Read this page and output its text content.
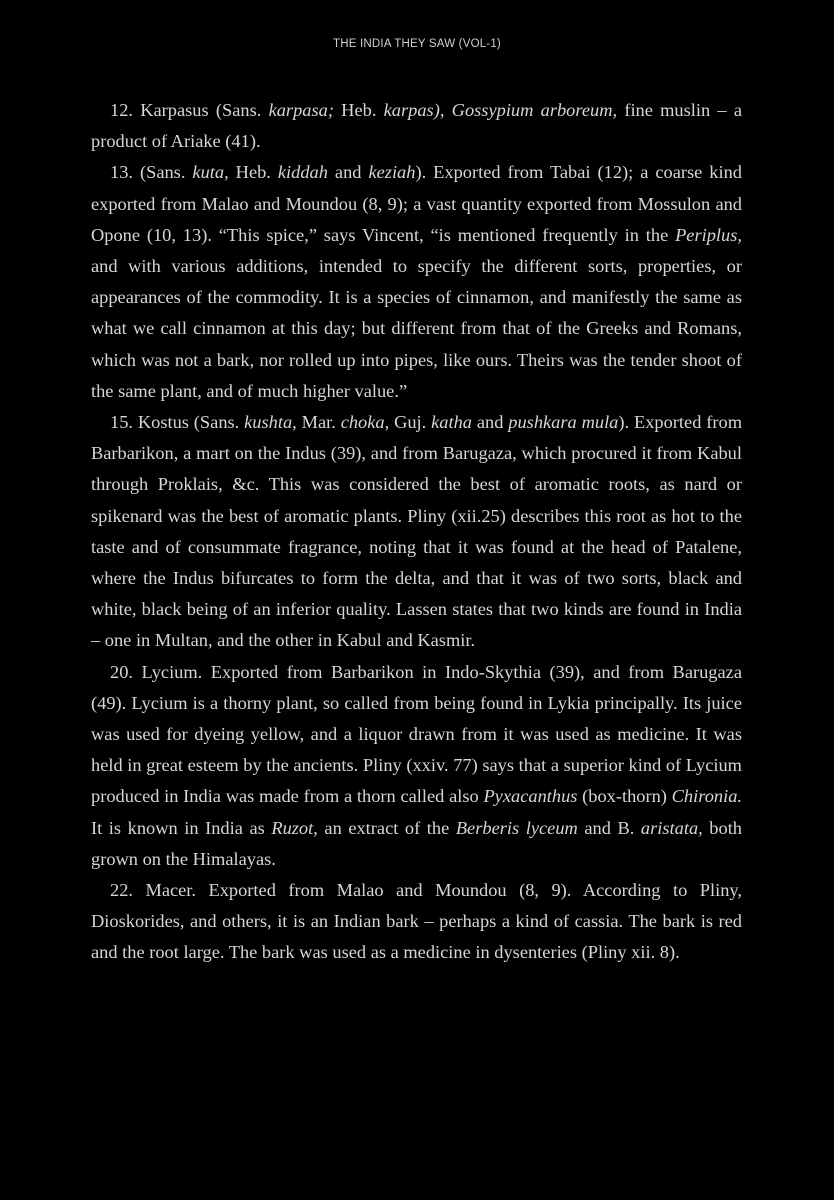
THE INDIA THEY SAW (VOL-1)

12. Karpasus (Sans. karpasa; Heb. karpas), Gossypium arboreum, fine muslin – a product of Ariake (41).

13. (Sans. kuta, Heb. kiddah and keziah). Exported from Tabai (12); a coarse kind exported from Malao and Moundou (8, 9); a vast quantity exported from Mossulon and Opone (10, 13). “This spice,” says Vincent, “is mentioned frequently in the Periplus, and with various additions, intended to specify the different sorts, properties, or appearances of the commodity. It is a species of cinnamon, and manifestly the same as what we call cinnamon at this day; but different from that of the Greeks and Romans, which was not a bark, nor rolled up into pipes, like ours. Theirs was the tender shoot of the same plant, and of much higher value.”

15. Kostus (Sans. kushta, Mar. choka, Guj. katha and pushkara mula). Exported from Barbarikon, a mart on the Indus (39), and from Barugaza, which procured it from Kabul through Proklais, &c. This was considered the best of aromatic roots, as nard or spikenard was the best of aromatic plants. Pliny (xii.25) describes this root as hot to the taste and of consummate fragrance, noting that it was found at the head of Patalene, where the Indus bifurcates to form the delta, and that it was of two sorts, black and white, black being of an inferior quality. Lassen states that two kinds are found in India – one in Multan, and the other in Kabul and Kasmir.

20. Lycium. Exported from Barbarikon in Indo-Skythia (39), and from Barugaza (49). Lycium is a thorny plant, so called from being found in Lykia principally. Its juice was used for dyeing yellow, and a liquor drawn from it was used as medicine. It was held in great esteem by the ancients. Pliny (xxiv. 77) says that a superior kind of Lycium produced in India was made from a thorn called also Pyxacanthus (box-thorn) Chironia. It is known in India as Ruzot, an extract of the Berberis lyceum and B. aristata, both grown on the Himalayas.

22. Macer. Exported from Malao and Moundou (8, 9). According to Pliny, Dioskorides, and others, it is an Indian bark – perhaps a kind of cassia. The bark is red and the root large. The bark was used as a medicine in dysenteries (Pliny xii. 8).
